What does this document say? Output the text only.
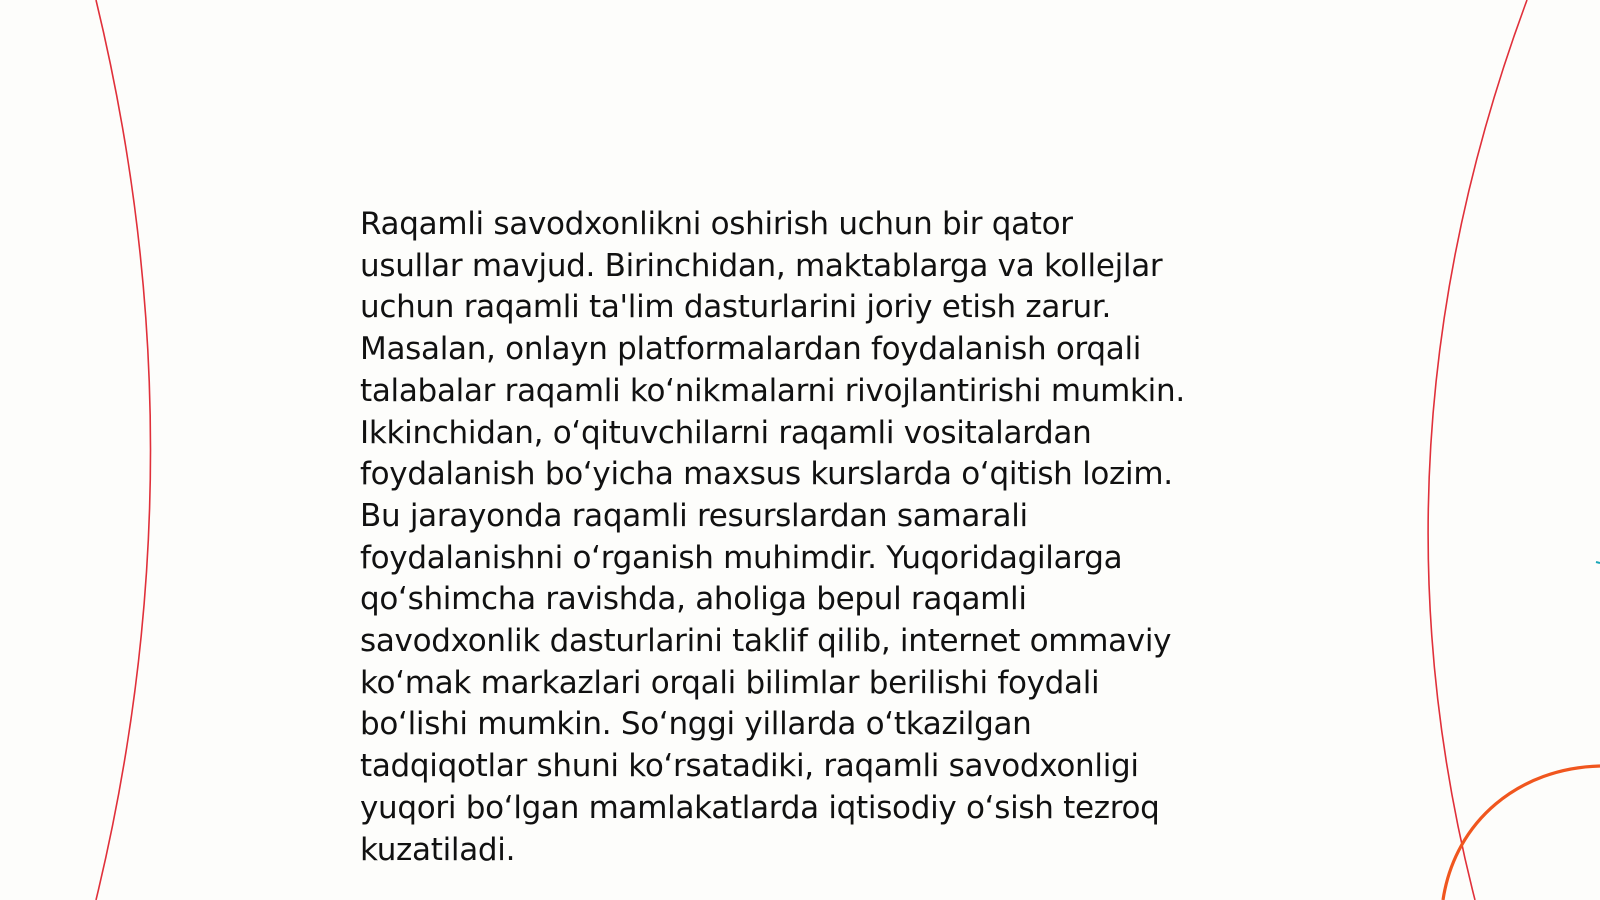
Raqamli savodxonlikni oshirish uchun bir qator
usullar mavjud. Birinchidan, maktablarga va kollejlar
uchun raqamli ta'lim dasturlarini joriy etish zarur.
Masalan, onlayn platformalardan foydalanish orqali
talabalar raqamli koʻnikmalarni rivojlantirishi mumkin.
Ikkinchidan, oʻqituvchilarni raqamli vositalardan
foydalanish boʻyicha maxsus kurslarda oʻqitish lozim.
Bu jarayonda raqamli resurslardan samarali
foydalanishni oʻrganish muhimdir. Yuqoridagilarga
qoʻshimcha ravishda, aholiga bepul raqamli
savodxonlik dasturlarini taklif qilib, internet ommaviy
koʻmak markazlari orqali bilimlar berilishi foydali
boʻlishi mumkin. Soʻnggi yillarda oʻtkazilgan
tadqiqotlar shuni koʻrsatadiki, raqamli savodxonligi
yuqori boʻlgan mamlakatlarda iqtisodiy oʻsish tezroq
kuzatiladi.
